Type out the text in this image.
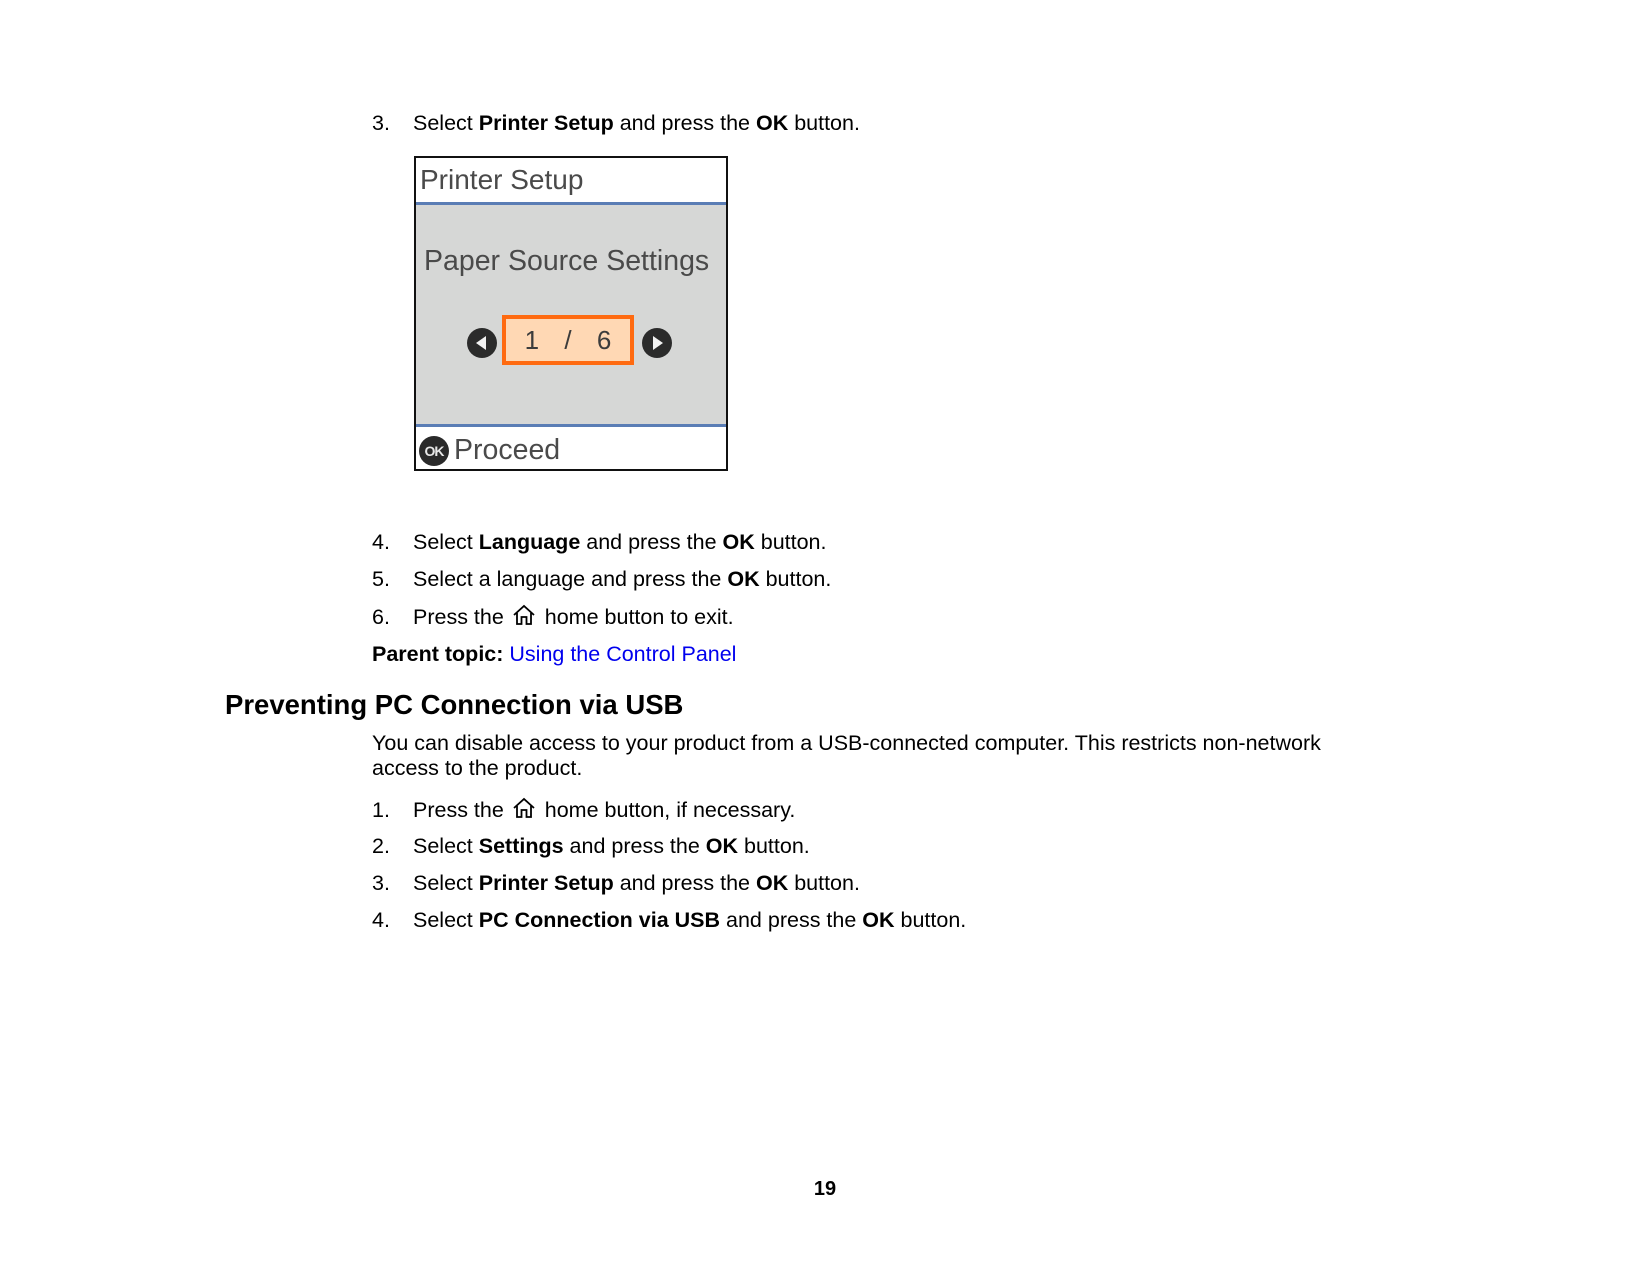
3. Select Printer Setup and press the OK button.
Printer Setup
Paper Source Settings
1 / 6
OK Proceed
4. Select Language and press the OK button.
5. Select a language and press the OK button.
6. Press the  home button to exit.
Parent topic: Using the Control Panel
Preventing PC Connection via USB
You can disable access to your product from a USB-connected computer. This restricts non-network access to the product.
1. Press the  home button, if necessary.
2. Select Settings and press the OK button.
3. Select Printer Setup and press the OK button.
4. Select PC Connection via USB and press the OK button.
19
